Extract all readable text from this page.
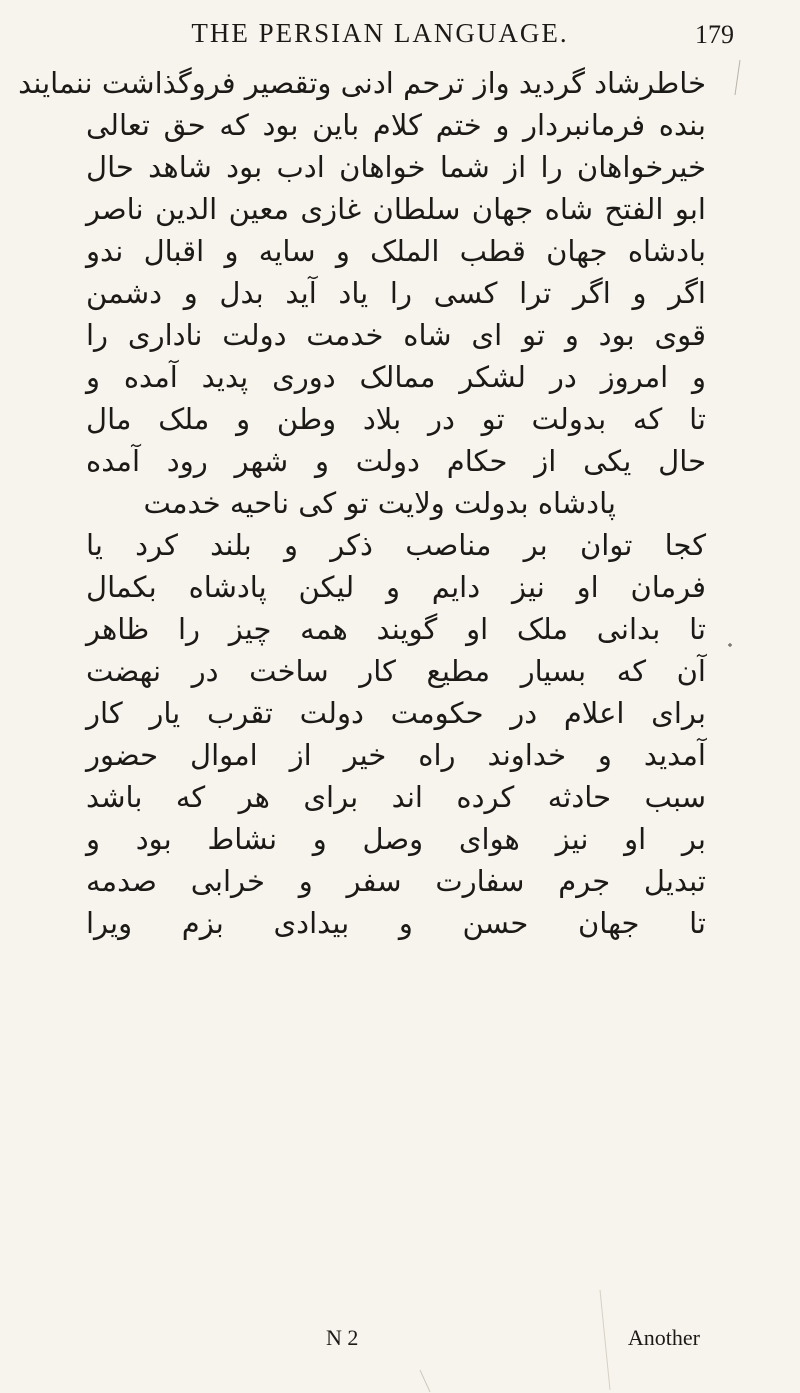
THE PERSIAN LANGUAGE.	179
خاطرشاد گردید واز ترحم ادنی وتقصیر فروگذاشت ننمایند
بنده فرمانبردار و ختم کلام باین بود که حق تعالی
خیرخواهان را از شما خواهان ادب بود شاهد حال
ابو الفتح شاه جهان سلطان غازی معین الدین ناصر
بادشاه جهان قطب الملک و سایه و اقبال ندو
اگر و اگر ترا کسی را یاد آید بدل و دشمن
قوی بود و تو ای شاه خدمت دولت ناداری را
و امروز در لشکر ممالک دوری پدید آمده و
تا که بدولت تو در بلاد وطن و ملک مال
حال یکی از حکام دولت و شهر رود آمده
پادشاه بدولت ولایت تو کی ناحیه خدمت
کجا توان بر مناصب ذکر و بلند کرد یا
فرمان او نیز دایم و لیکن پادشاه بکمال
تا بدانی ملک او گویند همه چیز را ظاهر
آن که بسیار مطیع کار ساخت در نهضت
برای اعلام در حکومت دولت تقرب یار کار
آمدید و خداوند راه خیر از اموال حضور
سبب حادثه کرده اند برای هر که باشد
بر او نیز هوای وصل و نشاط بود و
تبدیل جرم سفارت سفر و خرابی صدمه
تا جهان حسن و بیدادی بزم ویرا
N 2	Another
